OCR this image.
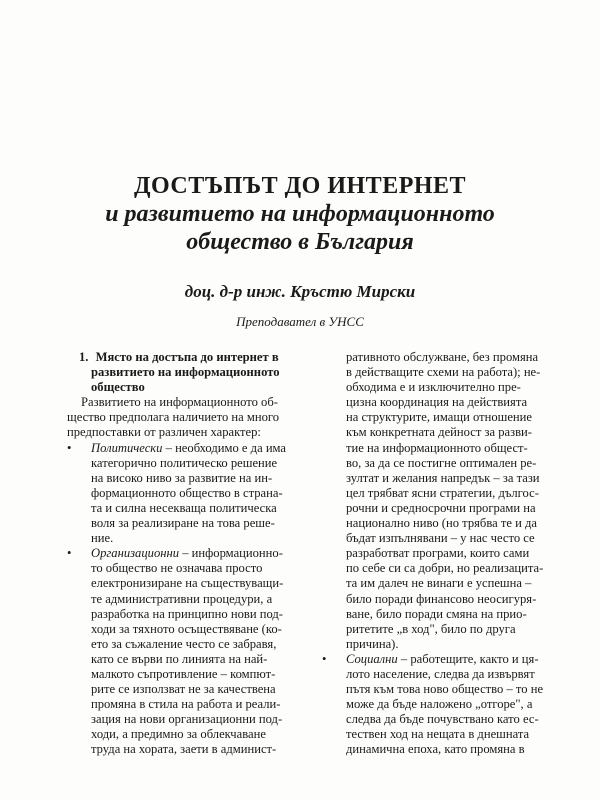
ДОСТЪПЪТ ДО ИНТЕРНЕТ

и развитието на информационното

общество в България

доц. д-р инж. Кръстю Мирски
Преподавател в УНСС
1. Място на достъпа до интернет в
развитието на информационното
общество
Развитието на информационното об-
щество предполага наличието на много
предпоставки от различен характер:
• Политически – необходимо е да има
категорично политическо решение
на високо ниво за развитие на ин-
формационното общество в страна-
та и силна несекваща политическа
воля за реализиране на това реше-
ние.
• Организационни – информационно-
то общество не означава просто
електронизиране на съществуващи-
те административни процедури, а
разработка на принципно нови под-
ходи за тяхното осъществяване (ко-
ето за съжаление често се забравя,
като се върви по линията на най-
малкото съпротивление – компют-
рите се използват не за качествена
промяна в стила на работа и реали-
зация на нови организационни под-
ходи, а предимно за облекчаване
труда на хората, заети в админист-
ративното обслужване, без промяна
в действащите схеми на работа); не-
обходима е и изключително пре-
цизна координация на действията
на структурите, имащи отношение
към конкретната дейност за разви-
тие на информационното общест-
во, за да се постигне оптимален ре-
зултат и желания напредък – за тази
цел трябват ясни стратегии, дългос-
рочни и средносрочни програми на
национално ниво (но трябва те и да
бъдат изпълнявани – у нас често се
разработват програми, които сами
по себе си са добри, но реализацита-
та им далеч не винаги е успешна –
било поради финансово неосигуря-
ване, било поради смяна на прио-
ритетите „в ход", било по друга
причина).
• Социални – работещите, както и ця-
лото население, следва да извървят
пътя към това ново общество – то не
може да бъде наложено „отгоре", а
следва да бъде почувствано като ес-
тествен ход на нещата в днешната
динамична епоха, като промяна в
